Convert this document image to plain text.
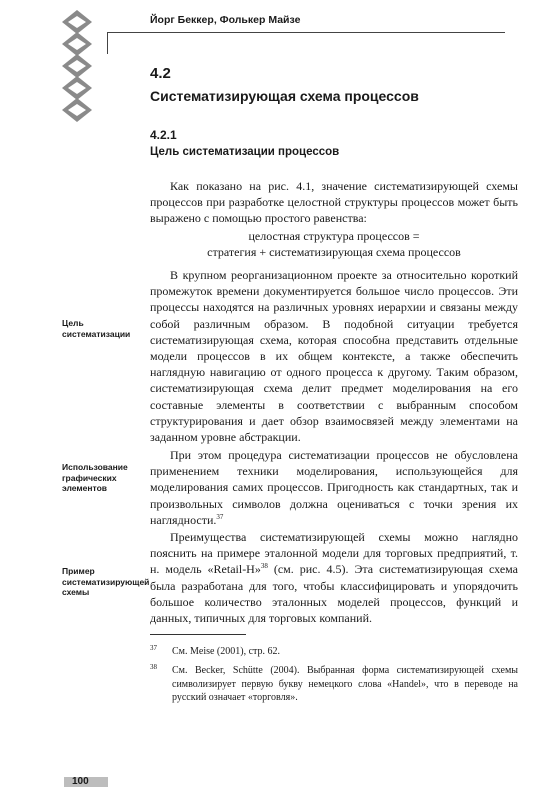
Йорг Беккер, Фолькер Майзе
4.2
Систематизирующая схема процессов
4.2.1
Цель систематизации процессов

Как показано на рис. 4.1, значение систематизирующей схемы процессов при разработке целостной структуры процессов может быть выражено с помощью простого равенства:

целостная структура процессов =
стратегия + систематизирующая схема процессов

В крупном реорганизационном проекте за относительно короткий промежуток времени документируется большое число процессов. Эти процессы находятся на различных уровнях иерархии и связаны между собой различным образом. В подобной ситуации требуется систематизирующая схема, которая способна представить отдельные модели процессов в их общем контексте, а также обеспечить наглядную навигацию от одного процесса к другому. Таким образом, систематизирующая схема делит предмет моделирования на его составные элементы в соответствии с выбранным способом структурирования и дает обзор взаимосвязей между элементами на заданном уровне абстракции.

При этом процедура систематизации процессов не обусловлена применением техники моделирования, использующейся для моделирования самих процессов. Пригодность как стандартных, так и произвольных символов должна оцениваться с точки зрения их наглядности.$^{37}$

Преимущества систематизирующей схемы можно наглядно пояснить на примере эталонной модели для торговых предприятий, т. н. модель «Retail-H»$^{38}$ (см. рис. 4.5). Эта систематизирующая схема была разработана для того, чтобы классифицировать и упорядочить большое количество эталонных моделей процессов, функций и данных, типичных для торговых компаний.

Цель систематизации
Использование графических элементов
Пример систематизирующей схемы
37	См. Meise (2001), стр. 62.
38	См. Becker, Schütte (2004). Выбранная форма систематизирующей схемы символизирует первую букву немецкого слова «Handel», что в переводе на русский означает «торговля».
100
